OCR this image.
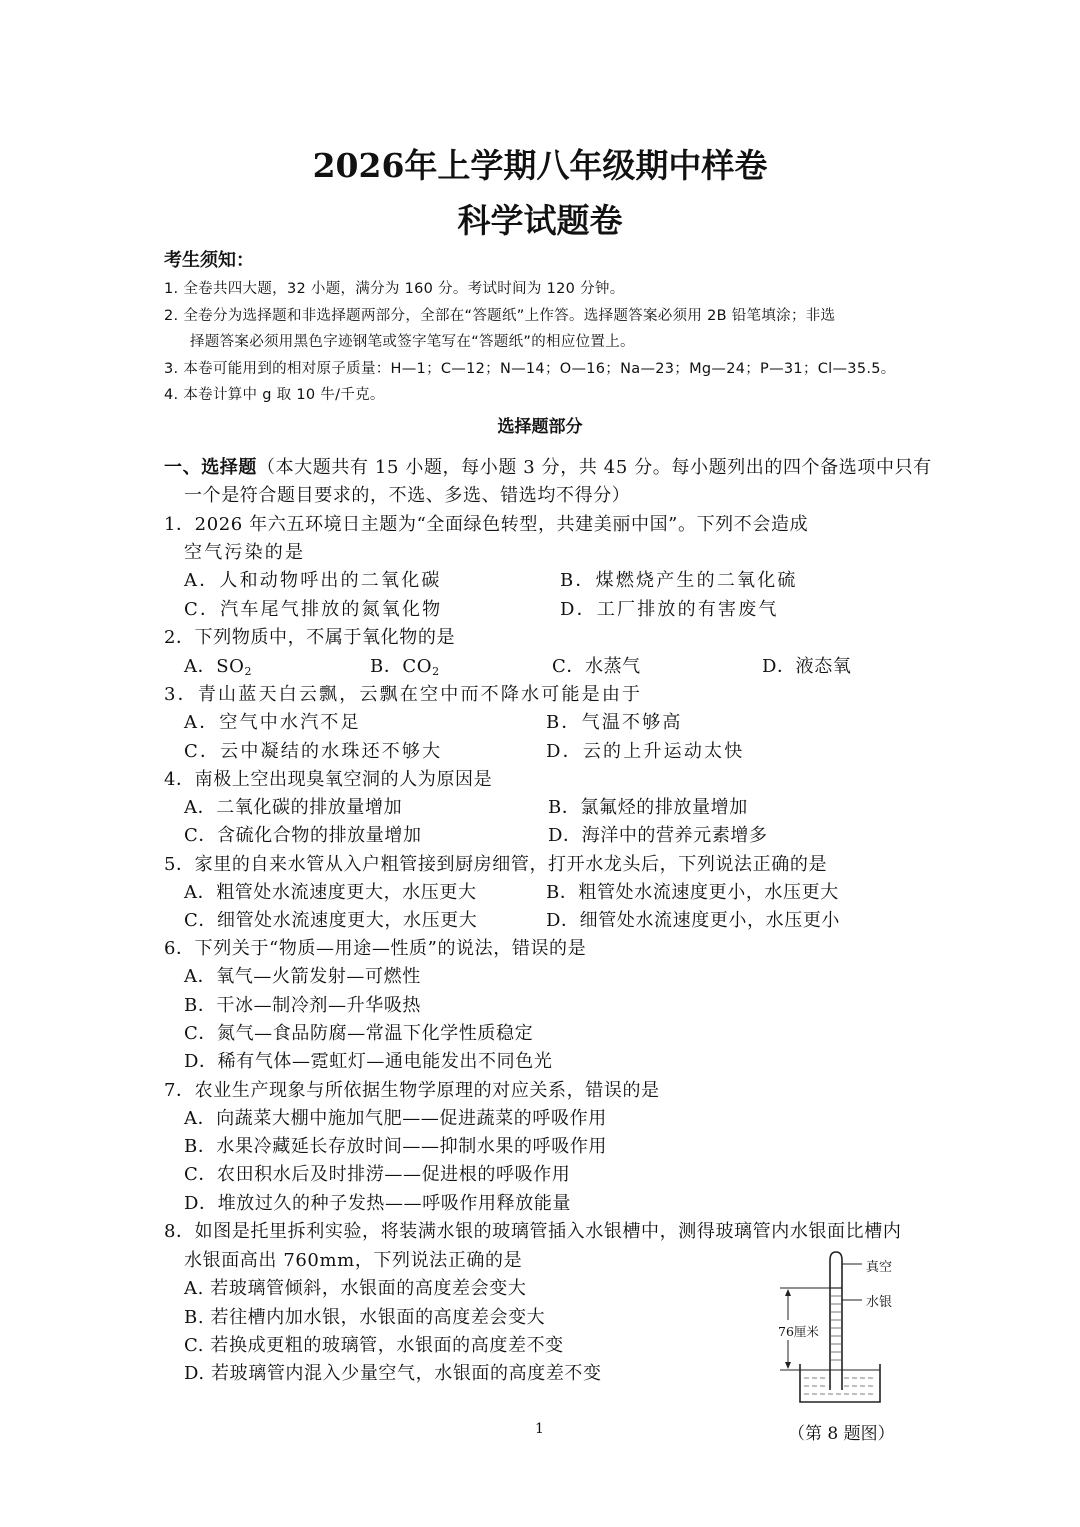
2026年上学期八年级期中样卷
科学试题卷
考生须知：
1. 全卷共四大题，32 小题，满分为 160 分。考试时间为 120 分钟。
2. 全卷分为选择题和非选择题两部分，全部在“答题纸”上作答。选择题答案必须用 2B 铅笔填涂；非选
择题答案必须用黑色字迹钢笔或签字笔写在“答题纸”的相应位置上。
3. 本卷可能用到的相对原子质量：H—1；C—12；N—14；O—16；Na—23；Mg—24；P—31；Cl—35.5。
4. 本卷计算中 g 取 10 牛/千克。
选择题部分
一、选择题（本大题共有 15 小题，每小题 3 分，共 45 分。每小题列出的四个备选项中只有
一个是符合题目要求的，不选、多选、错选均不得分）
1．2026 年六五环境日主题为“全面绿色转型，共建美丽中国”。下列不会造成
空气污染的是
A．人和动物呼出的二氧化碳	B．煤燃烧产生的二氧化硫
C．汽车尾气排放的氮氧化物	D．工厂排放的有害废气
2．下列物质中，不属于氧化物的是
A．$SO_2$	B．$CO_2$	C．水蒸气	D．液态氧
3．青山蓝天白云飘，云飘在空中而不降水可能是由于
A．空气中水汽不足	B．气温不够高
C．云中凝结的水珠还不够大	D．云的上升运动太快
4．南极上空出现臭氧空洞的人为原因是
A．二氧化碳的排放量增加	B．氯氟烃的排放量增加
C．含硫化合物的排放量增加	D．海洋中的营养元素增多
5．家里的自来水管从入户粗管接到厨房细管，打开水龙头后，下列说法正确的是
A．粗管处水流速度更大，水压更大	B．粗管处水流速度更小，水压更大
C．细管处水流速度更大，水压更大	D．细管处水流速度更小，水压更小
6．下列关于“物质—用途—性质”的说法，错误的是
A．氧气—火箭发射—可燃性
B．干冰—制冷剂—升华吸热
C．氮气—食品防腐—常温下化学性质稳定
D．稀有气体—霓虹灯—通电能发出不同色光
7．农业生产现象与所依据生物学原理的对应关系，错误的是
A．向蔬菜大棚中施加气肥——促进蔬菜的呼吸作用
B．水果冷藏延长存放时间——抑制水果的呼吸作用
C．农田积水后及时排涝——促进根的呼吸作用
D．堆放过久的种子发热——呼吸作用释放能量
8．如图是托里拆利实验，将装满水银的玻璃管插入水银槽中，测得玻璃管内水银面比槽内
水银面高出 760mm，下列说法正确的是
A. 若玻璃管倾斜，水银面的高度差会变大
B. 若往槽内加水银，水银面的高度差会变大
C. 若换成更粗的玻璃管，水银面的高度差不变
D. 若玻璃管内混入少量空气，水银面的高度差不变
真空
水银
76厘米
（第 8 题图）
1
